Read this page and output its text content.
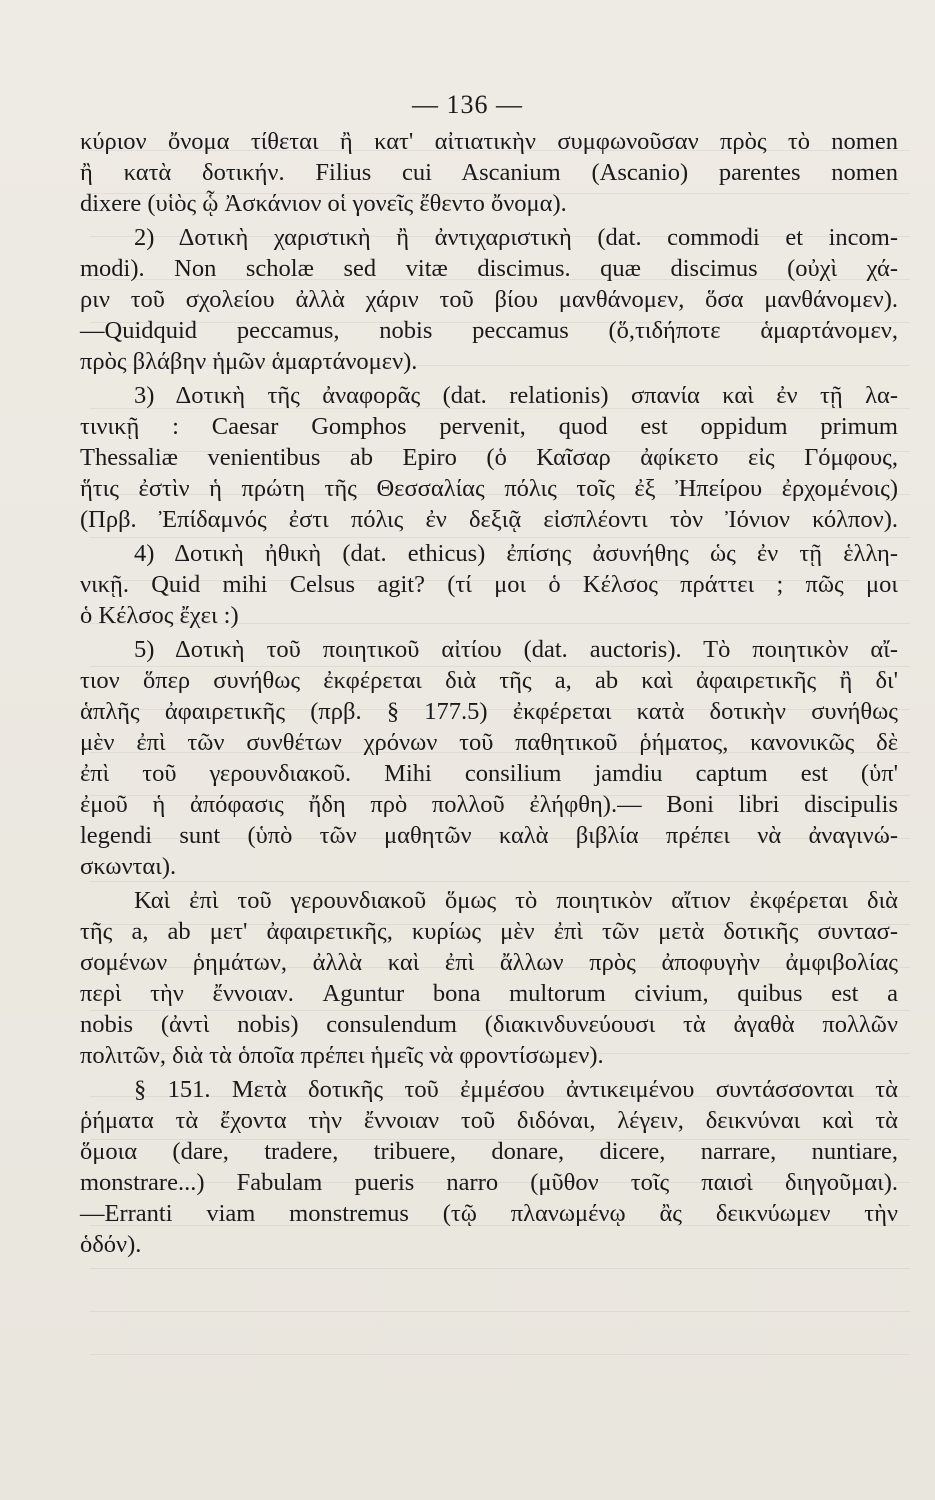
— 136 —
κύριον ὄνομα τίθεται ἢ κατ' αἰτιατικὴν συμφωνοῦσαν πρὸς τὸ nomen
ἢ κατὰ δοτικήν. Filius cui Ascanium (Ascanio) parentes nomen
dixere (υἱὸς ᾧ Ἀσκάνιον οἱ γονεῖς ἔθεντο ὄνομα).
2) Δοτικὴ χαριστικὴ ἢ ἀντιχαριστικὴ (dat. commodi et incom-
modi). Non scholæ sed vitæ discimus. quæ discimus (οὐχὶ χά-
ριν τοῦ σχολείου ἀλλὰ χάριν τοῦ βίου μανθάνομεν, ὅσα μανθάνομεν).
—Quidquid peccamus, nobis peccamus (ὅ,τιδήποτε ἁμαρτάνομεν,
πρὸς βλάβην ἡμῶν ἁμαρτάνομεν).
3) Δοτικὴ τῆς ἀναφορᾶς (dat. relationis) σπανία καὶ ἐν τῇ λα-
τινικῇ : Caesar Gomphos pervenit, quod est oppidum primum
Thessaliæ venientibus ab Epiro (ὁ Καῖσαρ ἀφίκετο εἰς Γόμφους,
ἥτις ἐστὶν ἡ πρώτη τῆς Θεσσαλίας πόλις τοῖς ἐξ Ἠπείρου ἐρχομένοις)
(Πρβ. Ἐπίδαμνός ἐστι πόλις ἐν δεξιᾷ εἰσπλέοντι τὸν Ἰόνιον κόλπον).
4) Δοτικὴ ἠθικὴ (dat. ethicus) ἐπίσης ἀσυνήθης ὡς ἐν τῇ ἑλλη-
νικῇ. Quid mihi Celsus agit? (τί μοι ὁ Κέλσος πράττει ; πῶς μοι
ὁ Κέλσος ἔχει :)
5) Δοτικὴ τοῦ ποιητικοῦ αἰτίου (dat. auctoris). Τὸ ποιητικὸν αἴ-
τιον ὅπερ συνήθως ἐκφέρεται διὰ τῆς a, ab καὶ ἀφαιρετικῆς ἢ δι'
ἁπλῆς ἀφαιρετικῆς (πρβ. § 177.5) ἐκφέρεται κατὰ δοτικὴν συνήθως
μὲν ἐπὶ τῶν συνθέτων χρόνων τοῦ παθητικοῦ ῥήματος, κανονικῶς δὲ
ἐπὶ τοῦ γερουνδιακοῦ. Mihi consilium jamdiu captum est (ὑπ'
ἐμοῦ ἡ ἀπόφασις ἤδη πρὸ πολλοῦ ἐλήφθη).— Boni libri discipulis
legendi sunt (ὑπὸ τῶν μαθητῶν καλὰ βιβλία πρέπει νὰ ἀναγινώ-
σκωνται).
Καὶ ἐπὶ τοῦ γερουνδιακοῦ ὅμως τὸ ποιητικὸν αἴτιον ἐκφέρεται διὰ
τῆς a, ab μετ' ἀφαιρετικῆς, κυρίως μὲν ἐπὶ τῶν μετὰ δοτικῆς συντασ-
σομένων ῥημάτων, ἀλλὰ καὶ ἐπὶ ἄλλων πρὸς ἀποφυγὴν ἀμφιβολίας
περὶ τὴν ἔννοιαν. Aguntur bona multorum civium, quibus est a
nobis (ἀντὶ nobis) consulendum (διακινδυνεύουσι τὰ ἀγαθὰ πολλῶν
πολιτῶν, διὰ τὰ ὁποῖα πρέπει ἡμεῖς νὰ φροντίσωμεν).
§ 151. Μετὰ δοτικῆς τοῦ ἐμμέσου ἀντικειμένου συντάσσονται τὰ
ῥήματα τὰ ἔχοντα τὴν ἔννοιαν τοῦ διδόναι, λέγειν, δεικνύναι καὶ τὰ
ὅμοια (dare, tradere, tribuere, donare, dicere, narrare, nuntiare,
monstrare...) Fabulam pueris narro (μῦθον τοῖς παισὶ διηγοῦμαι).
—Erranti viam monstremus (τῷ πλανωμένῳ ἂς δεικνύωμεν τὴν
ὁδόν).
